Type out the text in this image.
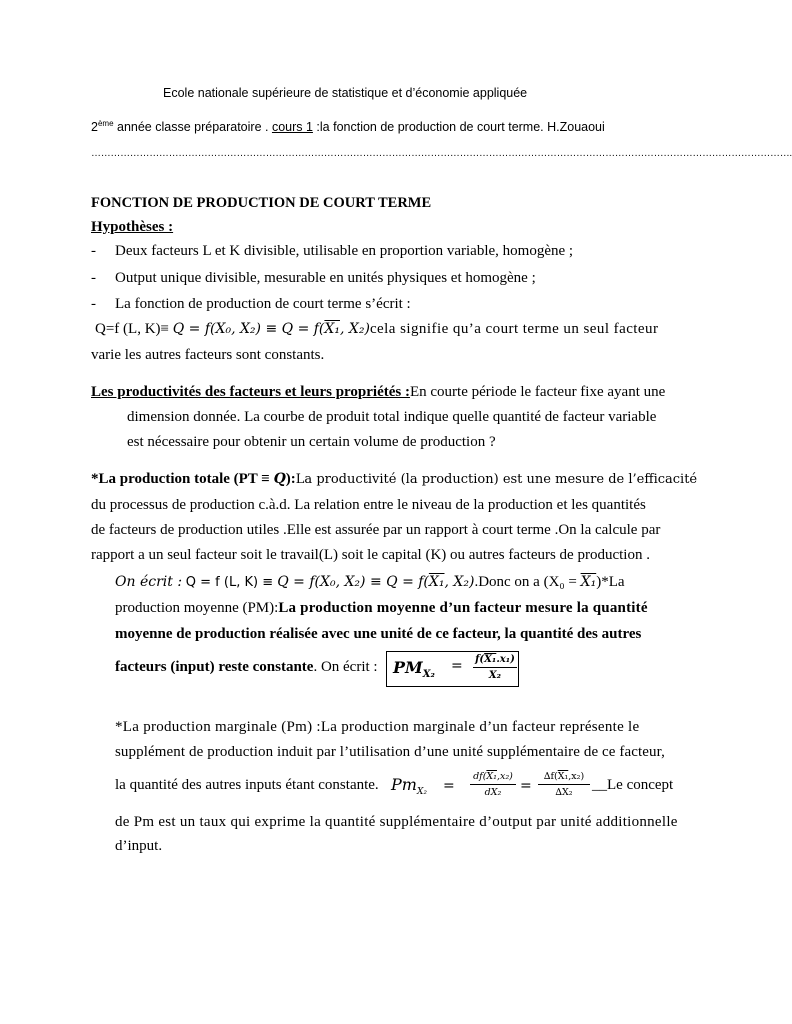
Ecole nationale supérieure de statistique et d’économie appliquée
2ème année classe préparatoire . cours 1 :la fonction de production de court terme. H.Zouaoui
……………………………………………………………………………………………………………………………………………………………………………………………….
FONCTION DE PRODUCTION DE COURT TERME
Hypothèses :
- Deux facteurs L et K divisible, utilisable en proportion variable, homogène ;
- Output unique divisible, mesurable en unités physiques et homogène ;
- La fonction de production de court terme s’écrit :
Q=f (L, K)≡ Q = f(X₀, X₂) ≡ Q = f(X₁, X₂)cela signifie qu’a court terme un seul facteur
varie les autres facteurs sont constants.
Les productivités des facteurs et leurs propriétés :En courte période le facteur fixe ayant une
dimension donnée. La courbe de produit total indique quelle quantité de facteur variable
est nécessaire pour obtenir un certain volume de production ?
*La production totale (PT ≡ Q):La productivité (la production) est une mesure de l’efficacité
du processus de production c.à.d. La relation entre le niveau de la production et les quantités
de facteurs de production utiles .Elle est assurée par un rapport à court terme .On la calcule par
rapport a un seul facteur soit le travail(L) soit le capital (K) ou autres facteurs de production .
On écrit : Q = f (L, K) ≡ Q = f(X₀, X₂) ≡ Q = f(X₁, X₂).Donc on a (X₀ = X₁)*La
production moyenne (PM):La production moyenne d’un facteur mesure la quantité
moyenne de production réalisée avec une unité de ce facteur, la quantité des autres
facteurs (input) reste constante. On écrit : $PM_{X_2}$
= $\frac{\text{f(X₁.x₁)}}{\text{X₂}}$
*La production marginale (Pm) :La production marginale d’un facteur représente le
supplément de production induit par l’utilisation d’une unité supplémentaire de ce facteur,
la quantité des autres inputs étant constante. $Pm_{X_2} = \frac{\text{df(X₁,x₂)}}{\text{dX₂}} = \frac{\text{∆f(X₁,x₂)}}{\text{∆X₂}}$ __Le concept
de Pm est un taux qui exprime la quantité supplémentaire d’output par unité additionnelle
d’input.
